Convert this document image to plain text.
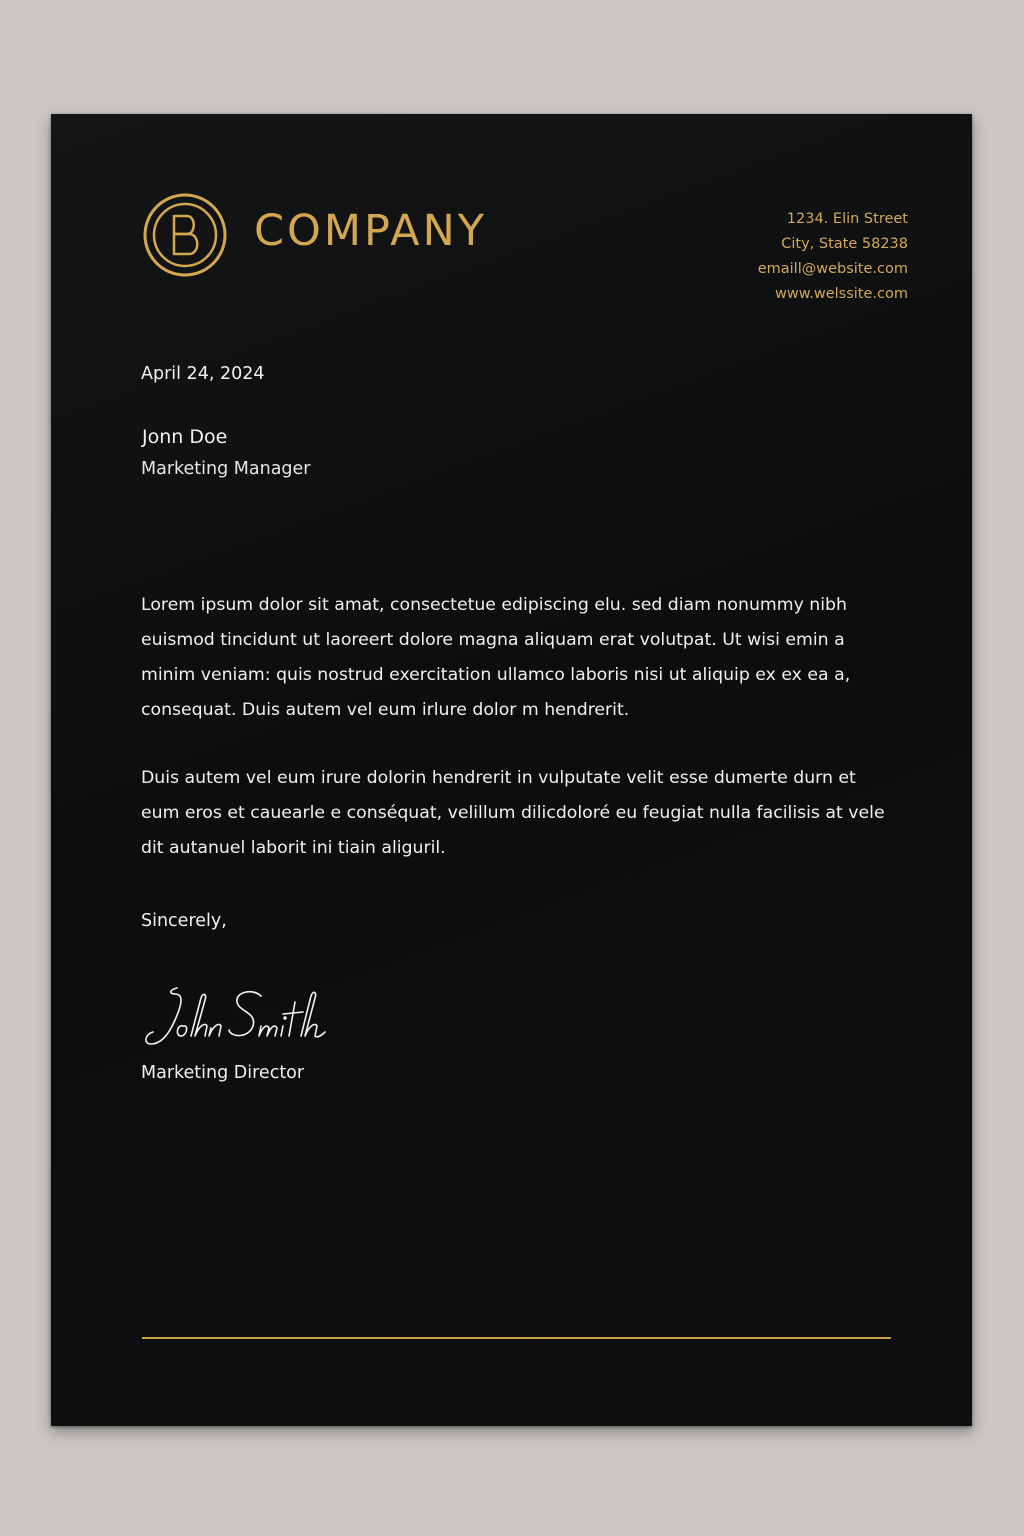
COMPANY	1234. Elin Street
City, State 58238
emaill@website.com
www.welssite.com
April 24, 2024
Jonn Doe
Marketing Manager

Lorem ipsum dolor sit amat, consectetue edipiscing elu. sed diam nonummy nibh euismod tincidunt ut laoreert dolore magna aliquam erat volutpat. Ut wisi emin a minim veniam: quis nostrud exercitation ullamco laboris nisi ut aliquip ex ex ea a, consequat. Duis autem vel eum irlure dolor m hendrerit.

Duis autem vel eum irure dolorin hendrerit in vulputate velit esse dumerte durn et eum eros et cauearle e conséquat, velillum dilicdoloré eu feugiat nulla facilisis at vele dit autanuel laborit ini tiain aliguril.

Sincerely,
Marketing Director
